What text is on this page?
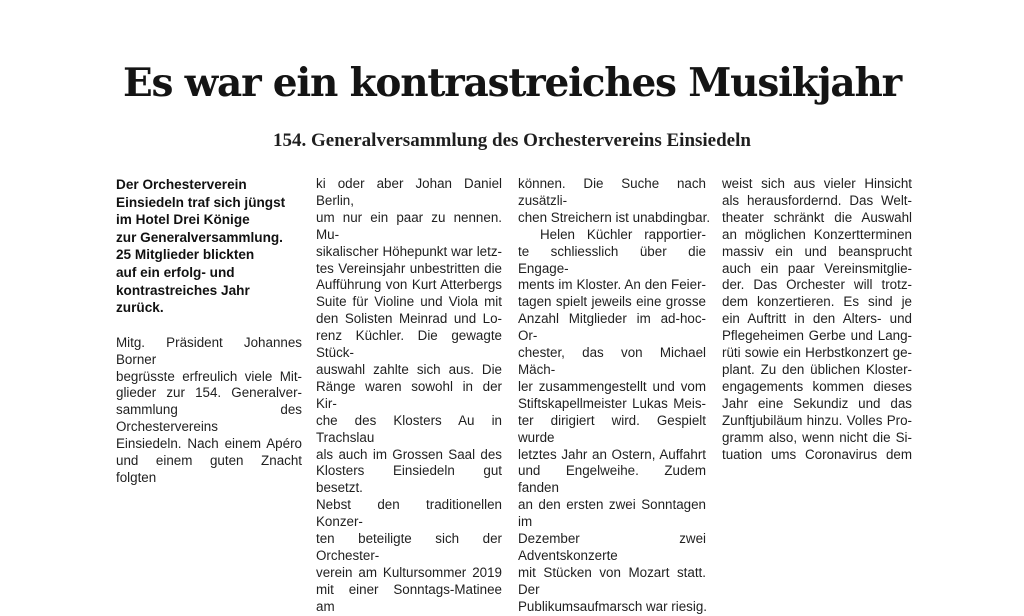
Es war ein kontrastreiches Musikjahr
154. Generalversammlung des Orchestervereins Einsiedeln
Der Orchesterverein
Einsiedeln traf sich jüngst
im Hotel Drei Könige
zur Generalversammlung.
25 Mitglieder blickten
auf ein erfolg- und
kontrastreiches Jahr
zurück.
Mitg. Präsident Johannes Borner
begrüsste erfreulich viele Mit-
glieder zur 154. Generalver-
sammlung des Orchestervereins
Einsiedeln. Nach einem Apéro
und einem guten Znacht folgten
ki oder aber Johan Daniel Berlin,
um nur ein paar zu nennen. Mu-
sikalischer Höhepunkt war letz-
tes Vereinsjahr unbestritten die
Aufführung von Kurt Atterbergs
Suite für Violine und Viola mit
den Solisten Meinrad und Lo-
renz Küchler. Die gewagte Stück-
auswahl zahlte sich aus. Die
Ränge waren sowohl in der Kir-
che des Klosters Au in Trachslau
als auch im Grossen Saal des
Klosters Einsiedeln gut besetzt.
Nebst den traditionellen Konzer-
ten beteiligte sich der Orchester-
verein am Kultursommer 2019
mit einer Sonntags-Matinee am
können. Die Suche nach zusätzli-
chen Streichern ist unabdingbar.
Helen Küchler rapportier-
te schliesslich über die Engage-
ments im Kloster. An den Feier-
tagen spielt jeweils eine grosse
Anzahl Mitglieder im ad-hoc-Or-
chester, das von Michael Mäch-
ler zusammengestellt und vom
Stiftskapellmeister Lukas Meis-
ter dirigiert wird. Gespielt wurde
letztes Jahr an Ostern, Auffahrt
und Engelweihe. Zudem fanden
an den ersten zwei Sonntagen im
Dezember zwei Adventskonzerte
mit Stücken von Mozart statt. Der
Publikumsaufmarsch war riesig.
weist sich aus vieler Hinsicht
als herausfordernd. Das Welt-
theater schränkt die Auswahl
an möglichen Konzertterminen
massiv ein und beansprucht
auch ein paar Vereinsmitglie-
der. Das Orchester will trotz-
dem konzertieren. Es sind je
ein Auftritt in den Alters- und
Pflegeheimen Gerbe und Lang-
rüti sowie ein Herbstkonzert ge-
plant. Zu den üblichen Kloster-
engagements kommen dieses
Jahr eine Sekundiz und das
Zunftjubiläum hinzu. Volles Pro-
gramm also, wenn nicht die Si-
tuation ums Coronavirus dem
